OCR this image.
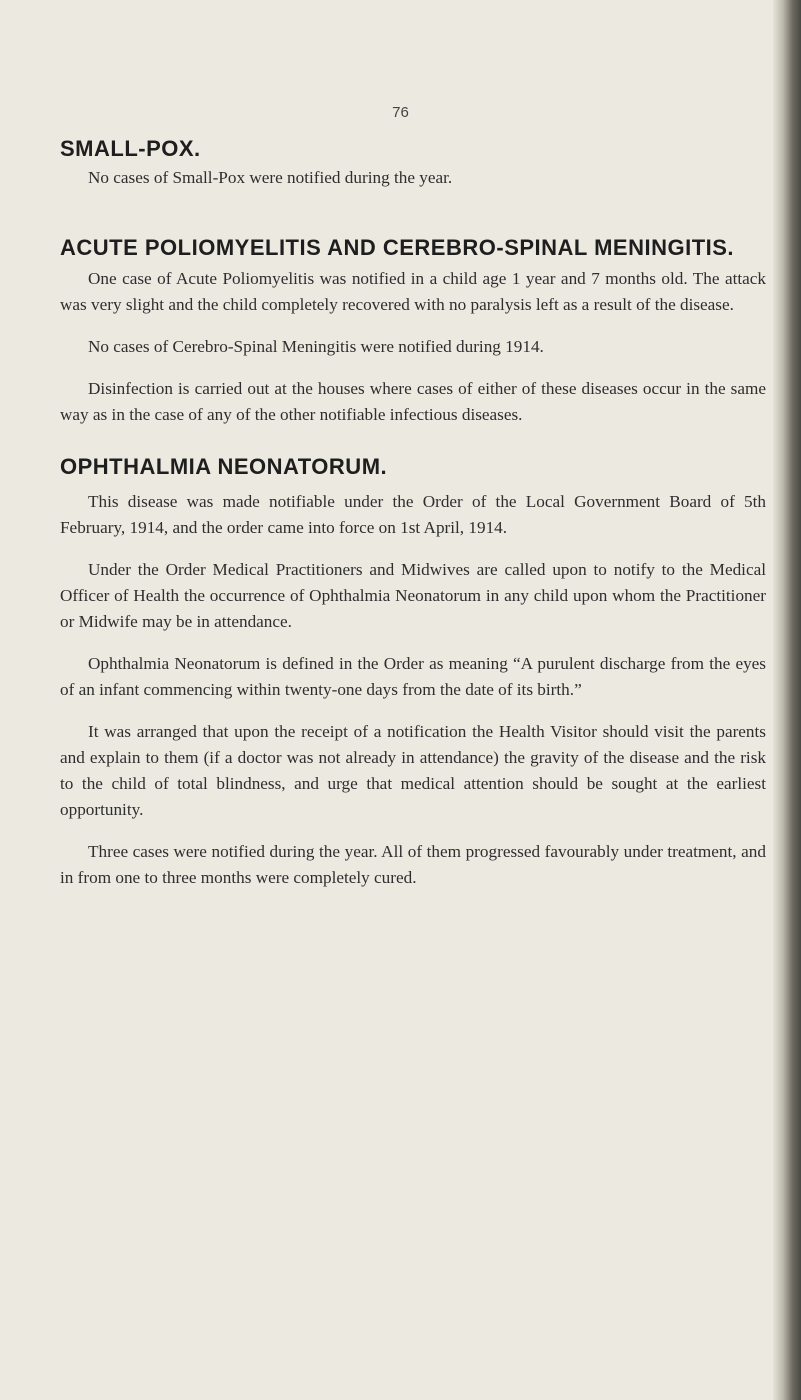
76
SMALL-POX.

No cases of Small-Pox were notified during the year.

ACUTE POLIOMYELITIS AND CEREBRO-SPINAL MENINGITIS.

One case of Acute Poliomyelitis was notified in a child age 1 year and 7 months old. The attack was very slight and the child completely recovered with no paralysis left as a result of the disease.

No cases of Cerebro-Spinal Meningitis were notified during 1914.

Disinfection is carried out at the houses where cases of either of these diseases occur in the same way as in the case of any of the other notifiable infectious diseases.

OPHTHALMIA NEONATORUM.

This disease was made notifiable under the Order of the Local Government Board of 5th February, 1914, and the order came into force on 1st April, 1914.

Under the Order Medical Practitioners and Midwives are called upon to notify to the Medical Officer of Health the occurrence of Ophthalmia Neonatorum in any child upon whom the Practitioner or Midwife may be in attendance.

Ophthalmia Neonatorum is defined in the Order as meaning “A purulent discharge from the eyes of an infant commencing within twenty-one days from the date of its birth.”

It was arranged that upon the receipt of a notification the Health Visitor should visit the parents and explain to them (if a doctor was not already in attendance) the gravity of the disease and the risk to the child of total blindness, and urge that medical attention should be sought at the earliest opportunity.

Three cases were notified during the year. All of them progressed favourably under treatment, and in from one to three months were completely cured.
